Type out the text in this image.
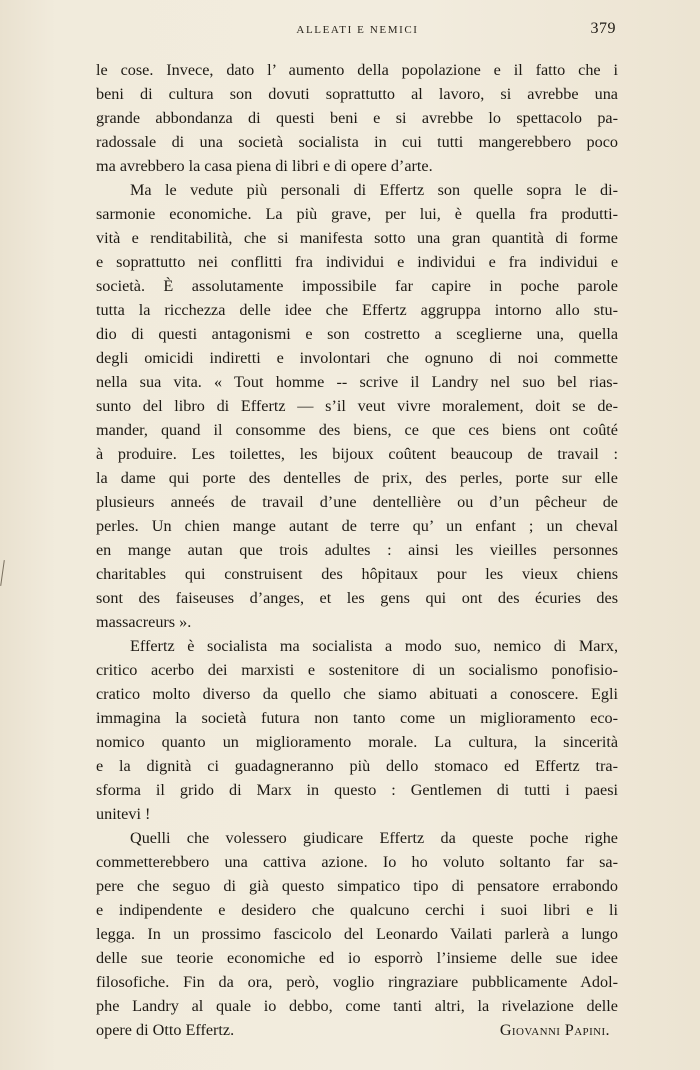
ALLEATI E NEMICI	379
le cose. Invece, dato l’ aumento della popolazione e il fatto che i
beni di cultura son dovuti soprattutto al lavoro, si avrebbe una
grande abbondanza di questi beni e si avrebbe lo spettacolo pa-
radossale di una società socialista in cui tutti mangerebbero poco
ma avrebbero la casa piena di libri e di opere d’arte.
Ma le vedute più personali di Effertz son quelle sopra le di-
sarmonie economiche. La più grave, per lui, è quella fra produtti-
vità e renditabilità, che si manifesta sotto una gran quantità di forme
e soprattutto nei conflitti fra individui e individui e fra individui e
società. È assolutamente impossibile far capire in poche parole
tutta la ricchezza delle idee che Effertz aggruppa intorno allo stu-
dio di questi antagonismi e son costretto a sceglierne una, quella
degli omicidi indiretti e involontari che ognuno di noi commette
nella sua vita. « Tout homme -- scrive il Landry nel suo bel rias-
sunto del libro di Effertz — s’il veut vivre moralement, doit se de-
mander, quand il consomme des biens, ce que ces biens ont coûté
à produire. Les toilettes, les bijoux coûtent beaucoup de travail :
la dame qui porte des dentelles de prix, des perles, porte sur elle
plusieurs anneés de travail d’une dentellière ou d’un pêcheur de
perles. Un chien mange autant de terre qu’ un enfant ; un cheval
en mange autan que trois adultes : ainsi les vieilles personnes
charitables qui construisent des hôpitaux pour les vieux chiens
sont des faiseuses d’anges, et les gens qui ont des écuries des
massacreurs ».
Effertz è socialista ma socialista a modo suo, nemico di Marx,
critico acerbo dei marxisti e sostenitore di un socialismo ponofisio-
cratico molto diverso da quello che siamo abituati a conoscere. Egli
immagina la società futura non tanto come un miglioramento eco-
nomico quanto un miglioramento morale. La cultura, la sincerità
e la dignità ci guadagneranno più dello stomaco ed Effertz tra-
sforma il grido di Marx in questo : Gentlemen di tutti i paesi
unitevi !
Quelli che volessero giudicare Effertz da queste poche righe
commetterebbero una cattiva azione. Io ho voluto soltanto far sa-
pere che seguo di già questo simpatico tipo di pensatore errabondo
e indipendente e desidero che qualcuno cerchi i suoi libri e li
legga. In un prossimo fascicolo del Leonardo Vailati parlerà a lungo
delle sue teorie economiche ed io esporrò l’insieme delle sue idee
filosofiche. Fin da ora, però, voglio ringraziare pubblicamente Adol-
phe Landry al quale io debbo, come tanti altri, la rivelazione delle
opere di Otto Effertz.	Giovanni Papini.
